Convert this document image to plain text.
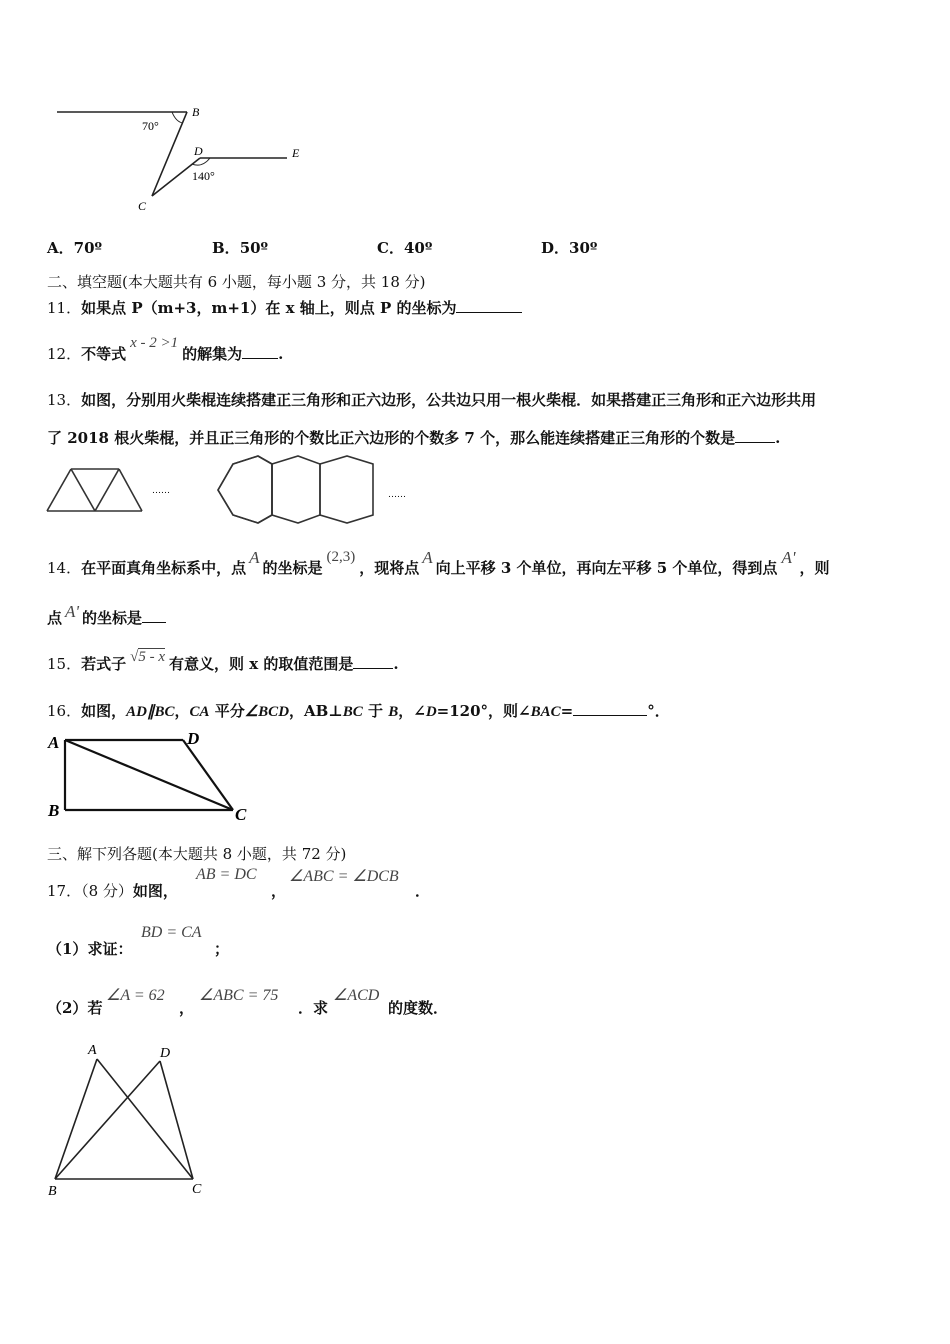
B
70°
D	E
140°
C
A．70º	B．50º	C．40º	D．30º
二、填空题(本大题共有 6 小题，每小题 3 分，共 18 分)
11．如果点 P（m+3，m+1）在 x 轴上，则点 P 的坐标为
12．不等式x - 2 >1的解集为 .
13．如图，分别用火柴棍连续搭建正三角形和正六边形，公共边只用一根火柴棍．如果搭建正三角形和正六边形共用
了 2018 根火柴棍，并且正三角形的个数比正六边形的个数多 7 个，那么能连续搭建正三角形的个数是	.
……	……
14．在平面真角坐标系中，点A的坐标是(2,3)，现将点A向上平移 3 个单位，再向左平移 5 个单位，得到点A'，则
点 A' 的坐标是
15．若式子 √5 - x 有意义，则 x 的取值范围是	.
16．如图，AD∥BC，CA 平分∠BCD，AB⊥BC 于 B，∠D=120°，则∠BAC=	°．
A	D
B	C
三、解下列各题(本大题共 8 小题，共 72 分)
17．（8 分）如图，
AB = DC
，
∠ABC = ∠DCB
．
（1）求证：
BD = CA
；
（2）若
∠A = 62
，
∠ABC = 75
．求
∠ACD
的度数．
A	D
B	C
